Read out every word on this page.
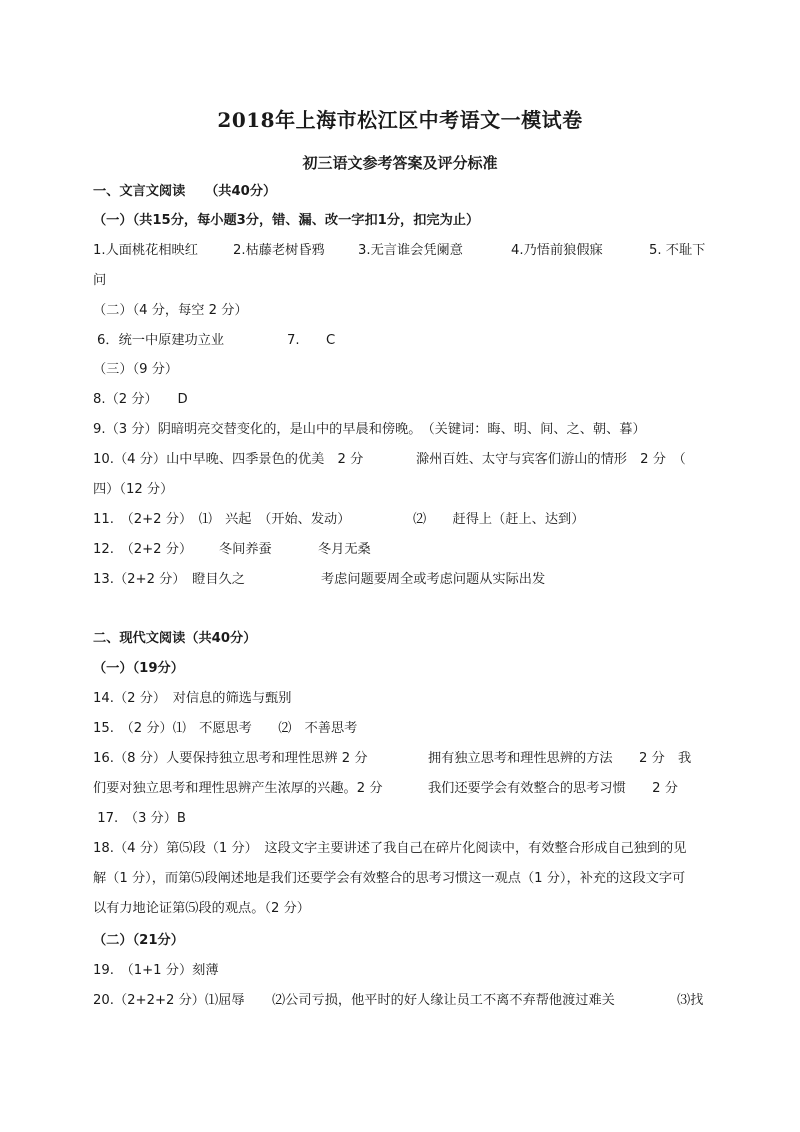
2018年上海市松江区中考语文一模试卷
初三语文参考答案及评分标准
一、文言文阅读　　（共40分）
（一）（共15分，每小题3分，错、漏、改一字扣1分，扣完为止）
1.人面桃花相映红	2.枯藤老树昏鸦	3.无言谁会凭阑意	4.乃悟前狼假寐	5. 不耻下
问
（二）（4 分，每空 2 分）
6．统一中原建功立业	7.　　C
（三）（9 分）
8.（2 分）　　D
9.（3 分）阴暗明亮交替变化的，是山中的早晨和傍晚。　（关键词：晦、明、间、之、朝、暮）
10.（4 分）山中早晚、四季景色的优美　2 分	滁州百姓、太守与宾客们游山的情形　2 分　（
四）（12 分）
11.　（2+2 分）　⑴　兴起　（开始、发动）	⑵　　赶得上（赶上、达到）
12.　（2+2 分） 冬间养蚕	冬月无桑
13.（2+2 分）　瞪目久之	考虑问题要周全或考虑问题从实际出发
二、现代文阅读（共40分）
（一）（19分）
14.（2 分）　对信息的筛选与甄别
15.　（2 分）⑴　不愿思考　　⑵　不善思考
16.（8 分）人要保持独立思考和理性思辨 2 分	拥有独立思考和理性思辨的方法　　2 分　我
们要对独立思考和理性思辨产生浓厚的兴趣。2 分	我们还要学会有效整合的思考习惯　　2 分
17.　（3 分）B
18.（4 分）第⑸段（1 分）　这段文字主要讲述了我自己在碎片化阅读中，有效整合形成自己独到的见
解（1 分），而第⑸段阐述地是我们还要学会有效整合的思考习惯这一观点（1 分），补充的这段文字可
以有力地论证第⑸段的观点。（2 分）
（二）（21分）
19.　（1+1 分）刻薄
20.（2+2+2 分）⑴屈辱 ⑵公司亏损，他平时的好人缘让员工不离不弃帮他渡过难关	⑶找
